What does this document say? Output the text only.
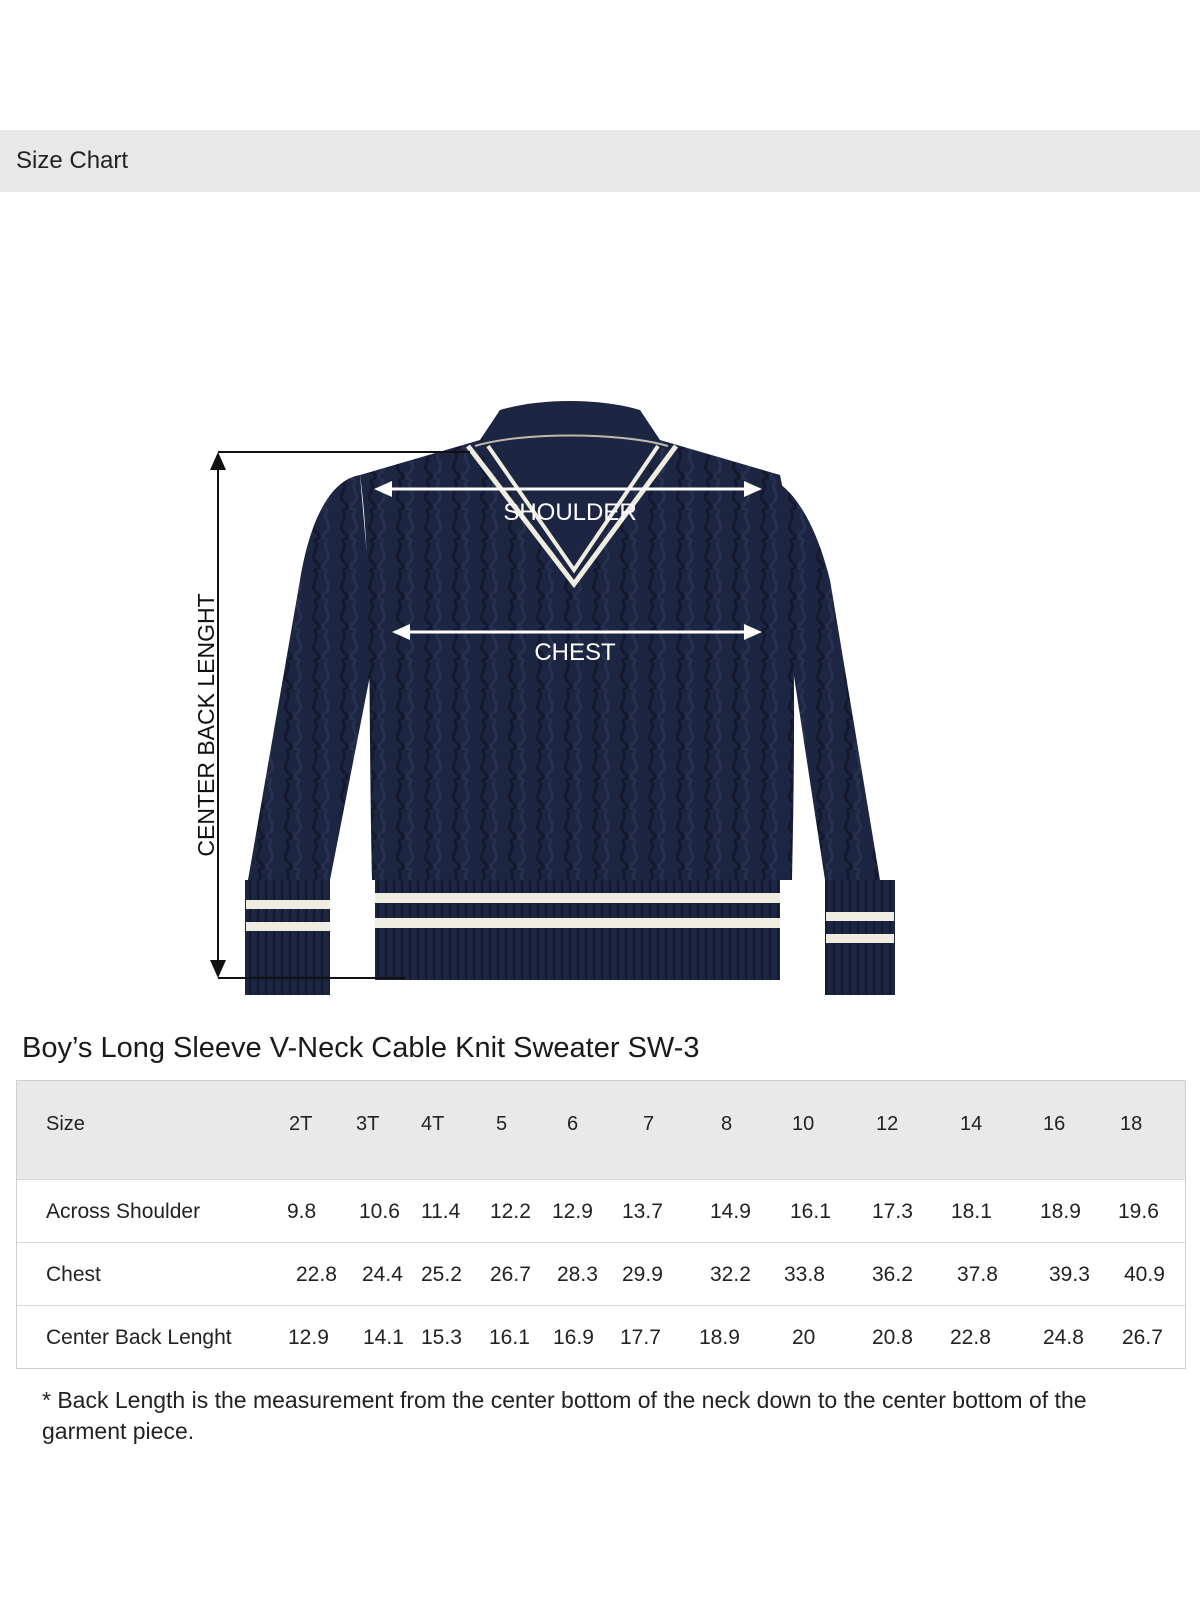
Size Chart
SHOULDER
CHEST
CENTER BACK LENGHT
Boy’s Long Sleeve V-Neck Cable Knit Sweater SW-3
Size	2T 3T 4T	5	6	7	8	10	12	14	16	18
Across Shoulder	9.8 10.6 11.4 12.2 12.9 13.7 14.9 16.1 17.3 18.1 18.9 19.6
Chest	22.8 24.4 25.2 26.7 28.3 29.9 32.2 33.8 36.2 37.8 39.3 40.9
Center Back Lenght	12.9 14.1 15.3 16.1 16.9 17.7 18.9 20	20.8 22.8 24.8 26.7
* Back Length is the measurement from the center bottom of the neck down to the center bottom of the garment piece.
